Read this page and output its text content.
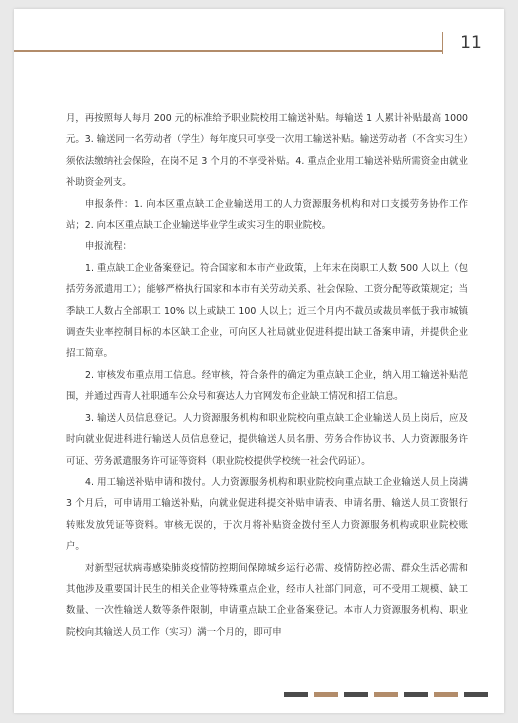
11

月，再按照每人每月 200 元的标准给予职业院校用工输送补贴。每输送 1 人累计补贴最高 1000 元。3. 输送同一名劳动者（学生）每年度只可享受一次用工输送补贴。输送劳动者（不含实习生）须依法缴纳社会保险，在岗不足 3 个月的不享受补贴。4. 重点企业用工输送补贴所需资金由就业补助资金列支。

申报条件：1. 向本区重点缺工企业输送用工的人力资源服务机构和对口支援劳务协作工作站；2. 向本区重点缺工企业输送毕业学生或实习生的职业院校。

申报流程：

1. 重点缺工企业备案登记。符合国家和本市产业政策，上年末在岗职工人数 500 人以上（包括劳务派遣用工）；能够严格执行国家和本市有关劳动关系、社会保险、工资分配等政策规定；当季缺工人数占全部职工 10% 以上或缺工 100 人以上；近三个月内不裁员或裁员率低于我市城镇调查失业率控制目标的本区缺工企业，可向区人社局就业促进科提出缺工备案申请，并提供企业招工简章。

2. 审核发布重点用工信息。经审核，符合条件的确定为重点缺工企业，纳入用工输送补贴范围，并通过西青人社职通车公众号和赛达人力官网发布企业缺工情况和招工信息。

3. 输送人员信息登记。人力资源服务机构和职业院校向重点缺工企业输送人员上岗后，应及时向就业促进科进行输送人员信息登记，提供输送人员名册、劳务合作协议书、人力资源服务许可证、劳务派遣服务许可证等资料（职业院校提供学校统一社会代码证）。

4. 用工输送补贴申请和拨付。人力资源服务机构和职业院校向重点缺工企业输送人员上岗满 3 个月后，可申请用工输送补贴，向就业促进科提交补贴申请表、申请名册、输送人员工资银行转账发放凭证等资料。审核无误的，于次月将补贴资金拨付至人力资源服务机构或职业院校账户。

对新型冠状病毒感染肺炎疫情防控期间保障城乡运行必需、疫情防控必需、群众生活必需和其他涉及重要国计民生的相关企业等特殊重点企业，经市人社部门同意，可不受用工规模、缺工数量、一次性输送人数等条件限制，申请重点缺工企业备案登记。本市人力资源服务机构、职业院校向其输送人员工作（实习）满一个月的，即可申
